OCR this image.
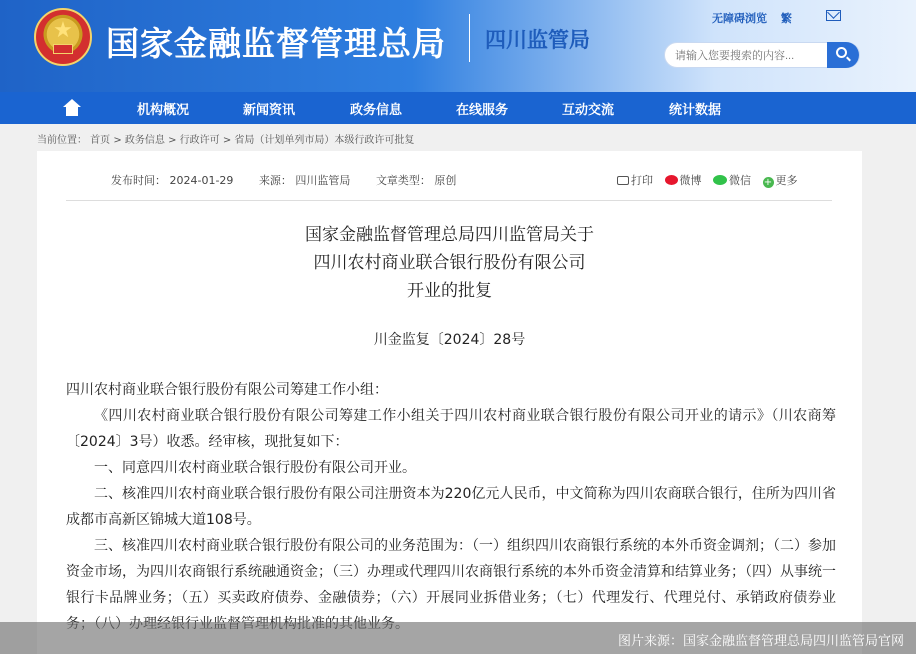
★	国家金融监督管理总局 四川监管局
无障碍浏览 繁
请输入您要搜索的内容...
机构概况	新闻资讯	政务信息	在线服务	互动交流	统计数据
当前位置： 首页 > 政务信息 > 行政许可 > 省局（计划单列市局）本级行政许可批复
发布时间： 2024-01-29 来源： 四川监管局 文章类型： 原创	打印 微博	微信 + 更多
国家金融监督管理总局四川监管局关于
四川农村商业联合银行股份有限公司
开业的批复
川金监复〔2024〕28号

四川农村商业联合银行股份有限公司筹建工作小组：

《四川农村商业联合银行股份有限公司筹建工作小组关于四川农村商业联合银行股份有限公司开业的请示》（川农商筹〔2024〕3号）收悉。经审核，现批复如下：

一、同意四川农村商业联合银行股份有限公司开业。

二、核准四川农村商业联合银行股份有限公司注册资本为220亿元人民币，中文简称为四川农商联合银行，住所为四川省成都市高新区锦城大道108号。

三、核准四川农村商业联合银行股份有限公司的业务范围为：（一）组织四川农商银行系统的本外币资金调剂；（二）参加资金市场，为四川农商银行系统融通资金；（三）办理或代理四川农商银行系统的本外币资金清算和结算业务；（四）从事统一银行卡品牌业务；（五）买卖政府债券、金融债券；（六）开展同业拆借业务；（七）代理发行、代理兑付、承销政府债券业

图片来源：国家金融监督管理总局四川监管局官网
